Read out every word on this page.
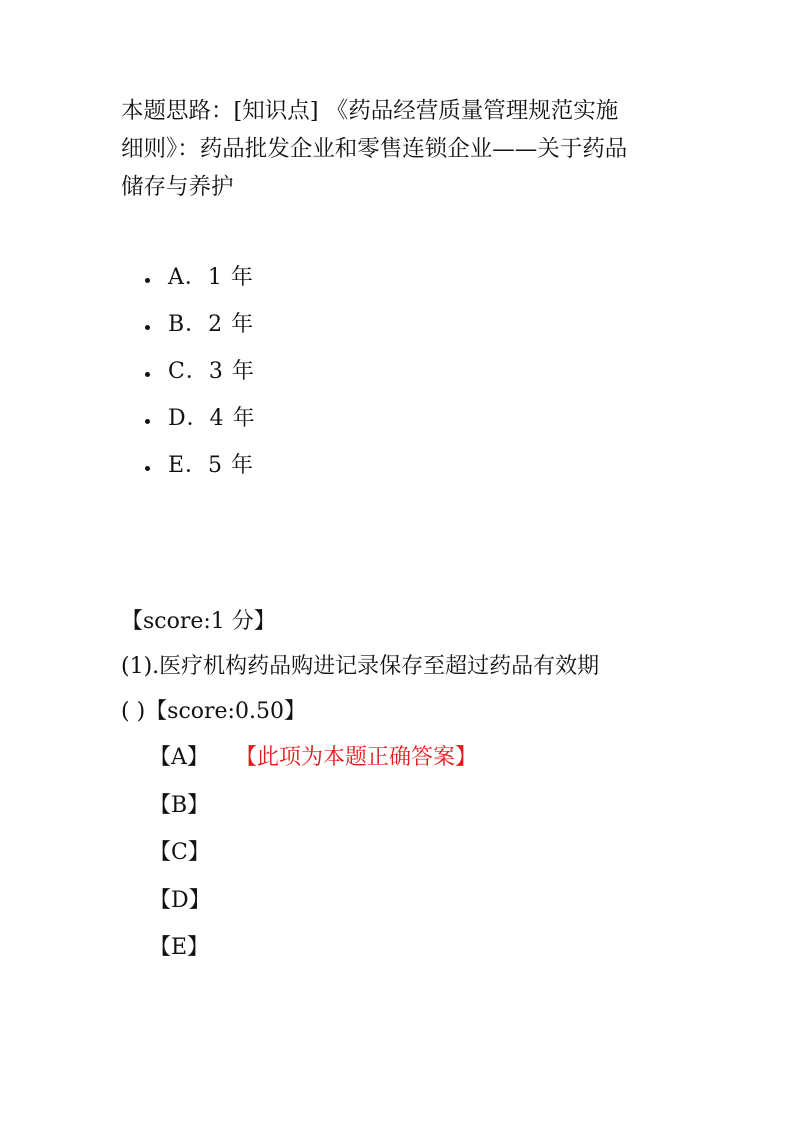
本题思路：[知识点] 《药品经营质量管理规范实施
细则》：药品批发企业和零售连锁企业——关于药品
储存与养护
A．1 年
B．2 年
C．3 年
D．4 年
E．5 年
【score:1 分】
(1).医疗机构药品购进记录保存至超过药品有效期
( )【score:0.50】
【A】 【此项为本题正确答案】
【B】
【C】
【D】
【E】
